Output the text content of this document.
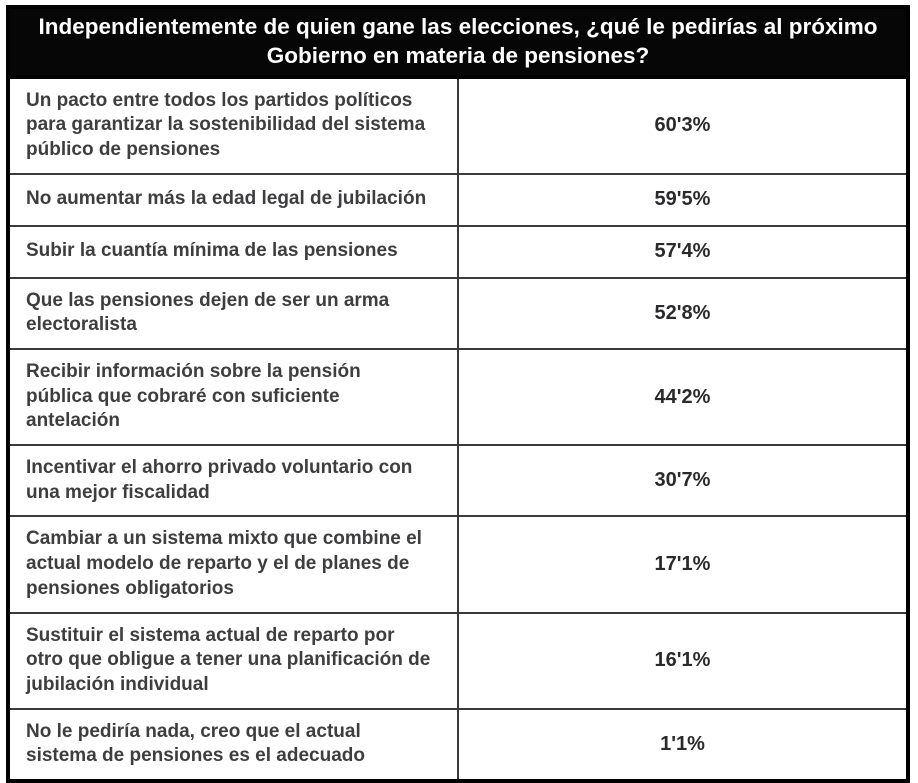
Independientemente de quien gane las elecciones, ¿qué le pedirías al próximo Gobierno en materia de pensiones?	
Un pacto entre todos los partidos políticos para garantizar la sostenibilidad del sistema público de pensiones	60'3%
No aumentar más la edad legal de jubilación	59'5%
Subir la cuantía mínima de las pensiones	57'4%
Que las pensiones dejen de ser un arma electoralista	52'8%
Recibir información sobre la pensión pública que cobraré con suficiente antelación	44'2%
Incentivar el ahorro privado voluntario con una mejor fiscalidad	30'7%
Cambiar a un sistema mixto que combine el actual modelo de reparto y el de planes de pensiones obligatorios	17'1%
Sustituir el sistema actual de reparto por otro que obligue a tener una planificación de jubilación individual	16'1%
No le pediría nada, creo que el actual sistema de pensiones es el adecuado	1'1%
